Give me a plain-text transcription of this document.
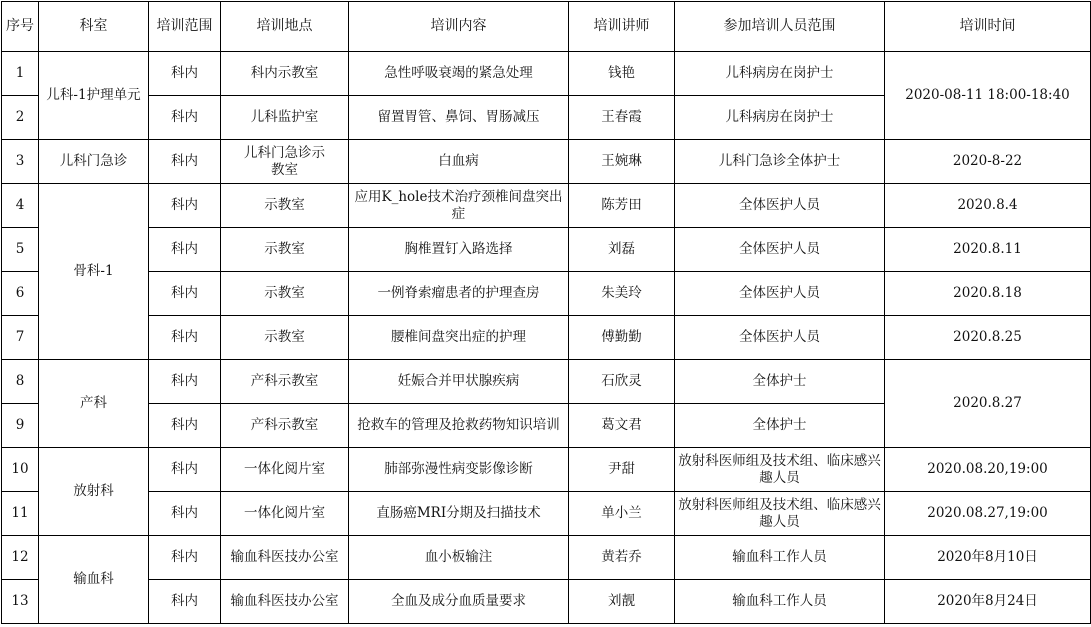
序号	科室	培训范围	培训地点	培训内容	培训讲师	参加培训人员范围	培训时间
1	儿科-1护理单元	科内	科内示教室	急性呼吸衰竭的紧急处理	钱艳	儿科病房在岗护士	2020-08-11 18:00-18:40
2		科内	儿科监护室	留置胃管、鼻饲、胃肠减压	王春霞	儿科病房在岗护士	
3	儿科门急诊	科内	儿科门急诊示教室	白血病	王婉琳	儿科门急诊全体护士	2020-8-22
4	骨科-1	科内	示教室	应用K_hole技术治疗颈椎间盘突出症	陈芳田	全体医护人员	2020.8.4
5		科内	示教室	胸椎置钉入路选择	刘磊	全体医护人员	2020.8.11
6		科内	示教室	一例脊索瘤患者的护理查房	朱美玲	全体医护人员	2020.8.18
7		科内	示教室	腰椎间盘突出症的护理	傅勤勤	全体医护人员	2020.8.25
8	产科	科内	产科示教室	妊娠合并甲状腺疾病	石欣灵	全体护士	2020.8.27
9		科内	产科示教室	抢救车的管理及抢救药物知识培训	葛文君	全体护士	
10	放射科	科内	一体化阅片室	肺部弥漫性病变影像诊断	尹甜	放射科医师组及技术组、临床感兴趣人员	2020.08.20,19:00
11		科内	一体化阅片室	直肠癌MRI分期及扫描技术	单小兰	放射科医师组及技术组、临床感兴趣人员	2020.08.27,19:00
12	输血科	科内	输血科医技办公室	血小板输注	黄若乔	输血科工作人员	2020年8月10日
13		科内	输血科医技办公室	全血及成分血质量要求	刘靓	输血科工作人员	2020年8月24日
